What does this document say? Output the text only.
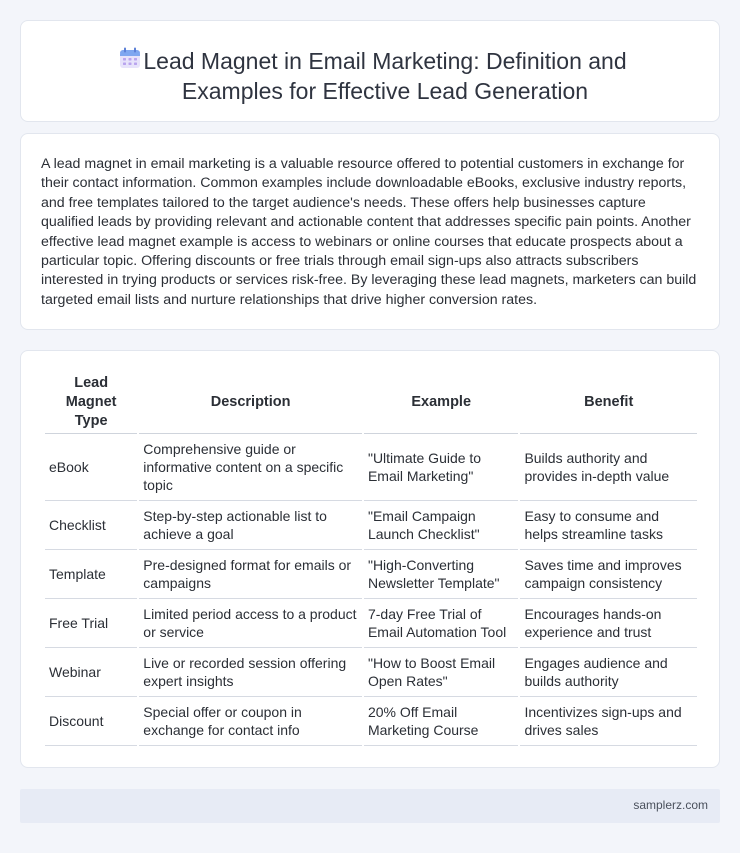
Lead Magnet in Email Marketing: Definition and Examples for Effective Lead Generation

A lead magnet in email marketing is a valuable resource offered to potential customers in exchange for their contact information. Common examples include downloadable eBooks, exclusive industry reports, and free templates tailored to the target audience's needs. These offers help businesses capture qualified leads by providing relevant and actionable content that addresses specific pain points. Another effective lead magnet example is access to webinars or online courses that educate prospects about a particular topic. Offering discounts or free trials through email sign-ups also attracts subscribers interested in trying products or services risk-free. By leveraging these lead magnets, marketers can build targeted email lists and nurture relationships that drive higher conversion rates.

Lead Magnet Type	Description	Example	Benefit
eBook	Comprehensive guide or informative content on a specific topic	"Ultimate Guide to Email Marketing"	Builds authority and provides in-depth value
Checklist	Step-by-step actionable list to achieve a goal	"Email Campaign Launch Checklist"	Easy to consume and helps streamline tasks
Template	Pre-designed format for emails or campaigns	"High-Converting Newsletter Template"	Saves time and improves campaign consistency
Free Trial	Limited period access to a product or service	7-day Free Trial of Email Automation Tool	Encourages hands-on experience and trust
Webinar	Live or recorded session offering expert insights	"How to Boost Email Open Rates"	Engages audience and builds authority
Discount	Special offer or coupon in exchange for contact info	20% Off Email Marketing Course	Incentivizes sign-ups and drives sales
samplerz.com
